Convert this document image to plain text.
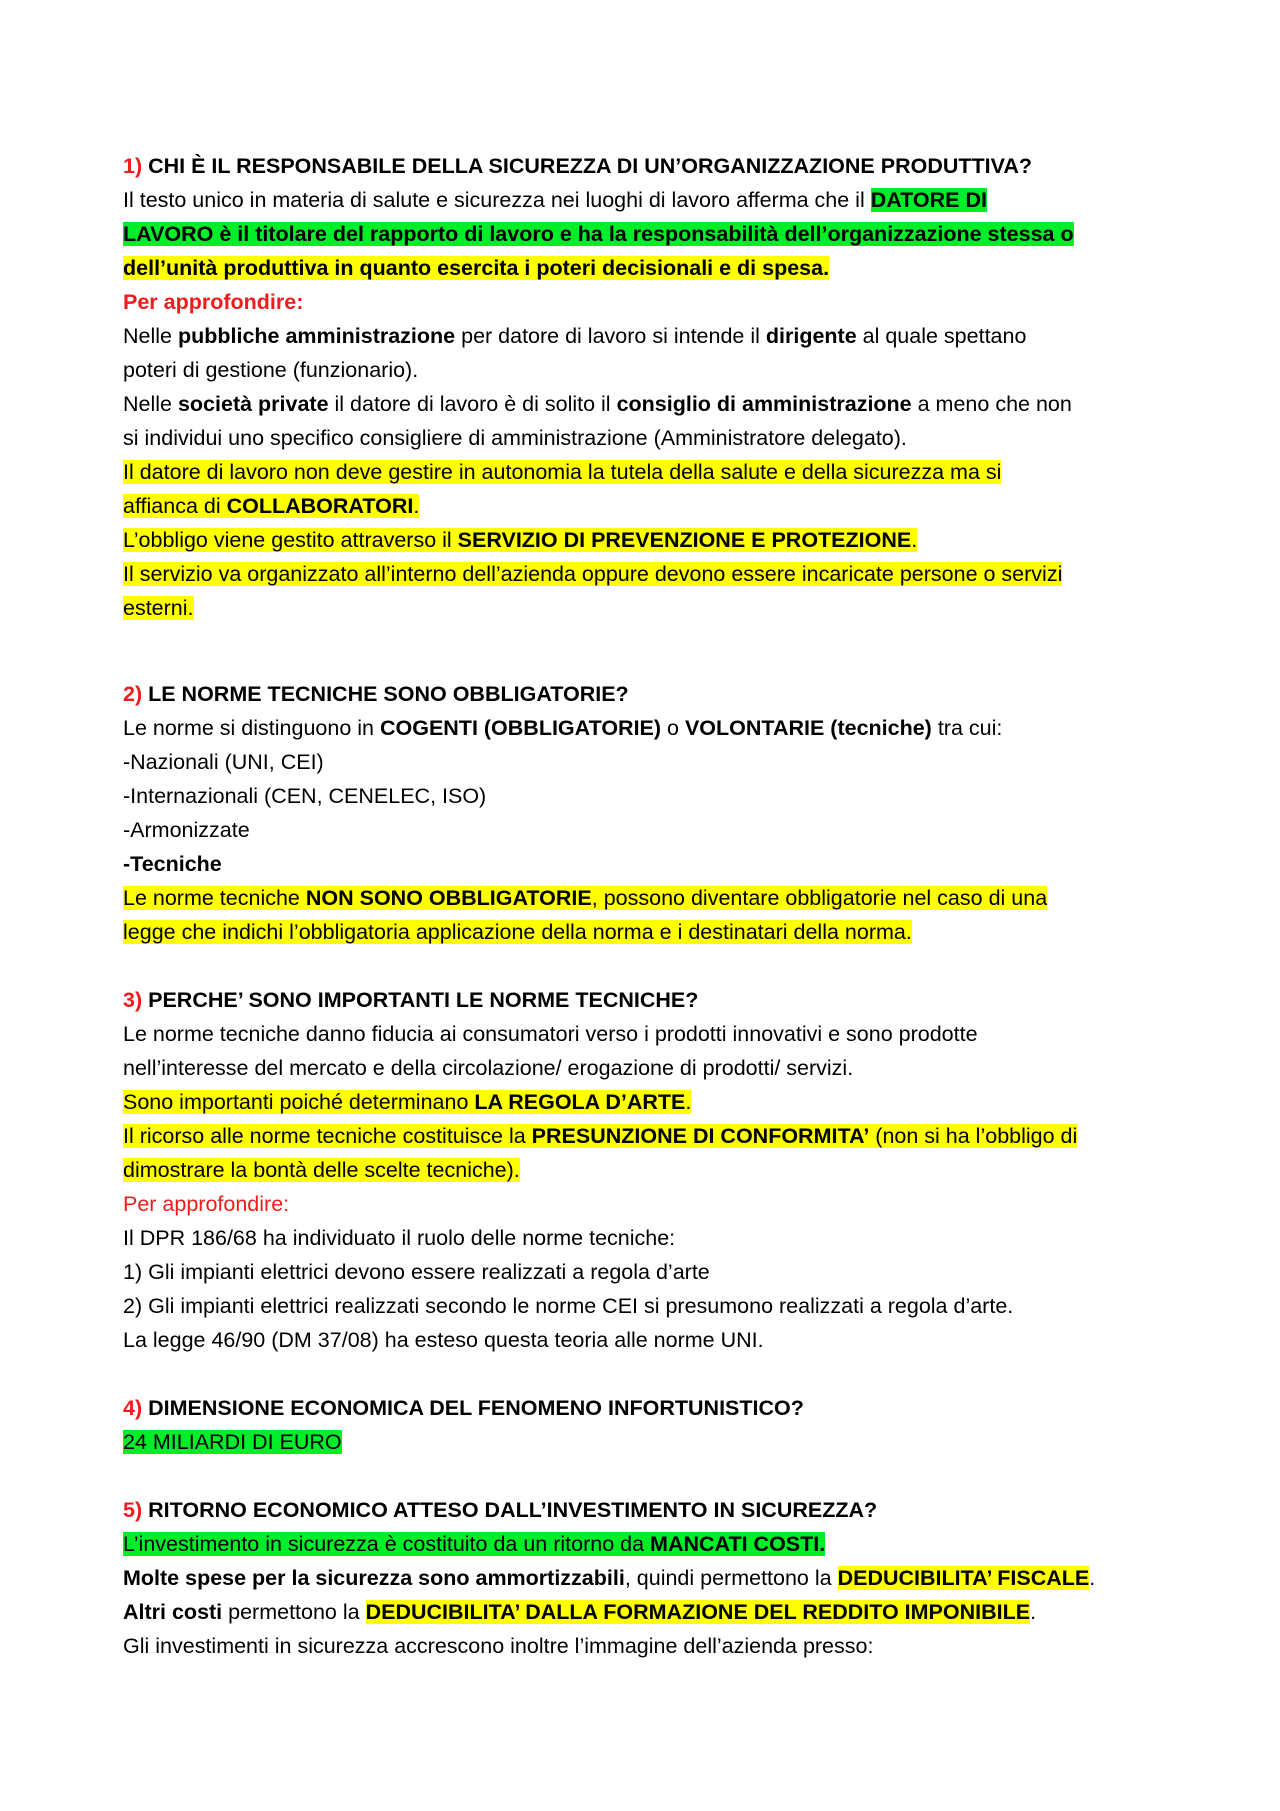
1) CHI È IL RESPONSABILE DELLA SICUREZZA DI UN’ORGANIZZAZIONE PRODUTTIVA?
Il testo unico in materia di salute e sicurezza nei luoghi di lavoro afferma che il DATORE DI
LAVORO è il titolare del rapporto di lavoro e ha la responsabilità dell’organizzazione stessa o
dell’unità produttiva in quanto esercita i poteri decisionali e di spesa.
Per approfondire:
Nelle pubbliche amministrazione per datore di lavoro si intende il dirigente al quale spettano
poteri di gestione (funzionario).
Nelle società private il datore di lavoro è di solito il consiglio di amministrazione a meno che non
si individui uno specifico consigliere di amministrazione (Amministratore delegato).
Il datore di lavoro non deve gestire in autonomia la tutela della salute e della sicurezza ma si
affianca di COLLABORATORI.
L’obbligo viene gestito attraverso il SERVIZIO DI PREVENZIONE E PROTEZIONE.
Il servizio va organizzato all’interno dell’azienda oppure devono essere incaricate persone o servizi
esterni.
2) LE NORME TECNICHE SONO OBBLIGATORIE?
Le norme si distinguono in COGENTI (OBBLIGATORIE) o VOLONTARIE (tecniche) tra cui:
-Nazionali (UNI, CEI)
-Internazionali (CEN, CENELEC, ISO)
-Armonizzate
-Tecniche
Le norme tecniche NON SONO OBBLIGATORIE, possono diventare obbligatorie nel caso di una
legge che indichi l’obbligatoria applicazione della norma e i destinatari della norma.
3) PERCHE’ SONO IMPORTANTI LE NORME TECNICHE?
Le norme tecniche danno fiducia ai consumatori verso i prodotti innovativi e sono prodotte
nell’interesse del mercato e della circolazione/ erogazione di prodotti/ servizi.
Sono importanti poiché determinano LA REGOLA D’ARTE.
Il ricorso alle norme tecniche costituisce la PRESUNZIONE DI CONFORMITA’ (non si ha l’obbligo di
dimostrare la bontà delle scelte tecniche).
Per approfondire:
Il DPR 186/68 ha individuato il ruolo delle norme tecniche:
1) Gli impianti elettrici devono essere realizzati a regola d’arte
2) Gli impianti elettrici realizzati secondo le norme CEI si presumono realizzati a regola d’arte.
La legge 46/90 (DM 37/08) ha esteso questa teoria alle norme UNI.
4) DIMENSIONE ECONOMICA DEL FENOMENO INFORTUNISTICO?
24 MILIARDI DI EURO
5) RITORNO ECONOMICO ATTESO DALL’INVESTIMENTO IN SICUREZZA?
L’investimento in sicurezza è costituito da un ritorno da MANCATI COSTI.
Molte spese per la sicurezza sono ammortizzabili, quindi permettono la DEDUCIBILITA’ FISCALE.
Altri costi permettono la DEDUCIBILITA’ DALLA FORMAZIONE DEL REDDITO IMPONIBILE.
Gli investimenti in sicurezza accrescono inoltre l’immagine dell’azienda presso:
